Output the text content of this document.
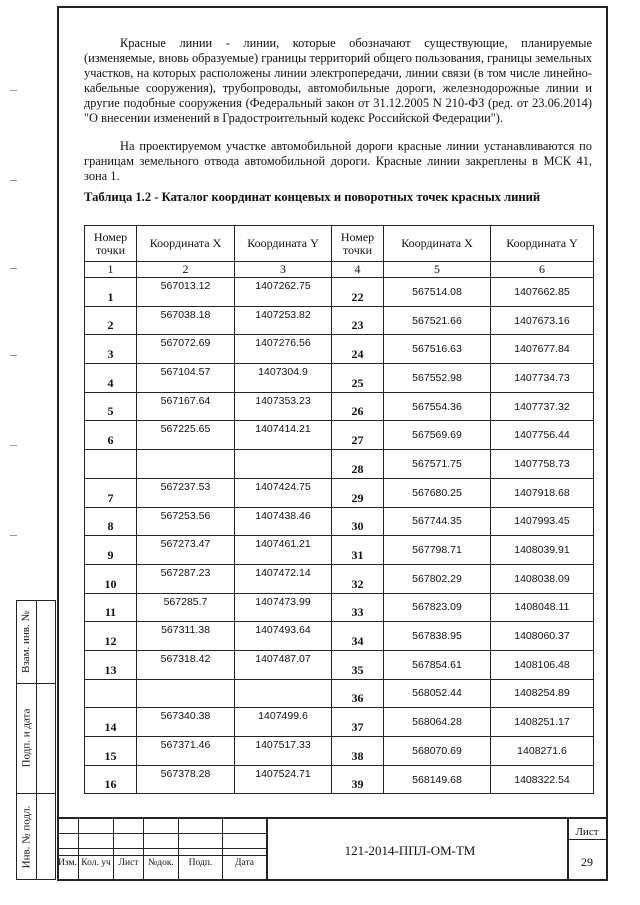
Красные линии - линии, которые обозначают существующие, планируемые (изменяемые, вновь образуемые) границы территорий общего пользования, границы земельных участков, на которых расположены линии электропередачи, линии связи (в том числе линейно-кабельные сооружения), трубопроводы, автомобильные дороги, железнодорожные линии и другие подобные сооружения (Федеральный закон от 31.12.2005 N 210-ФЗ (ред. от 23.06.2014) "О внесении изменений в Градостроительный кодекс Российской Федерации").

На проектируемом участке автомобильной дороги красные линии устанавливаются по границам земельного отвода автомобильной дороги. Красные линии закреплены в МСК 41, зона 1.

Таблица 1.2 - Каталог координат концевых и поворотных точек красных линий
Номер точки	Координата X	Координата Y	Номер точки	Координата X	Координата Y
1	2	3	4	5	6
1	567013.12	1407262.75	22	567514.08	1407662.85
2	567038.18	1407253.82	23	567521.66	1407673.16
3	567072.69	1407276.56	24	567516.63	1407677.84
4	567104.57	1407304.9	25	567552.98	1407734.73
5	567167.64	1407353.23	26	567554.36	1407737.32
6	567225.65	1407414.21	27	567569.69	1407756.44
			28	567571.75	1407758.73
7	567237.53	1407424.75	29	567680.25	1407918.68
8	567253.56	1407438.46	30	567744.35	1407993.45
9	567273.47	1407461.21	31	567798.71	1408039.91
10	567287.23	1407472.14	32	567802.29	1408038.09
11	567285.7	1407473.99	33	567823.09	1408048.11
12	567311.38	1407493.64	34	567838.95	1408060.37
13	567318.42	1407487.07	35	567854.61	1408106.48
			36	568052.44	1408254.89
14	567340.38	1407499.6	37	568064.28	1408251.17
15	567371.46	1407517.33	38	568070.69	1408271.6
16	567378.28	1407524.71	39	568149.68	1408322.54
Взам. инв. №
Подп. и дата
Инв. № подл.	Изм. Кол. уч Лист	№док.	Подп.	Дата
121-2014-ППЛ-ОМ-ТМ
Лист
29
